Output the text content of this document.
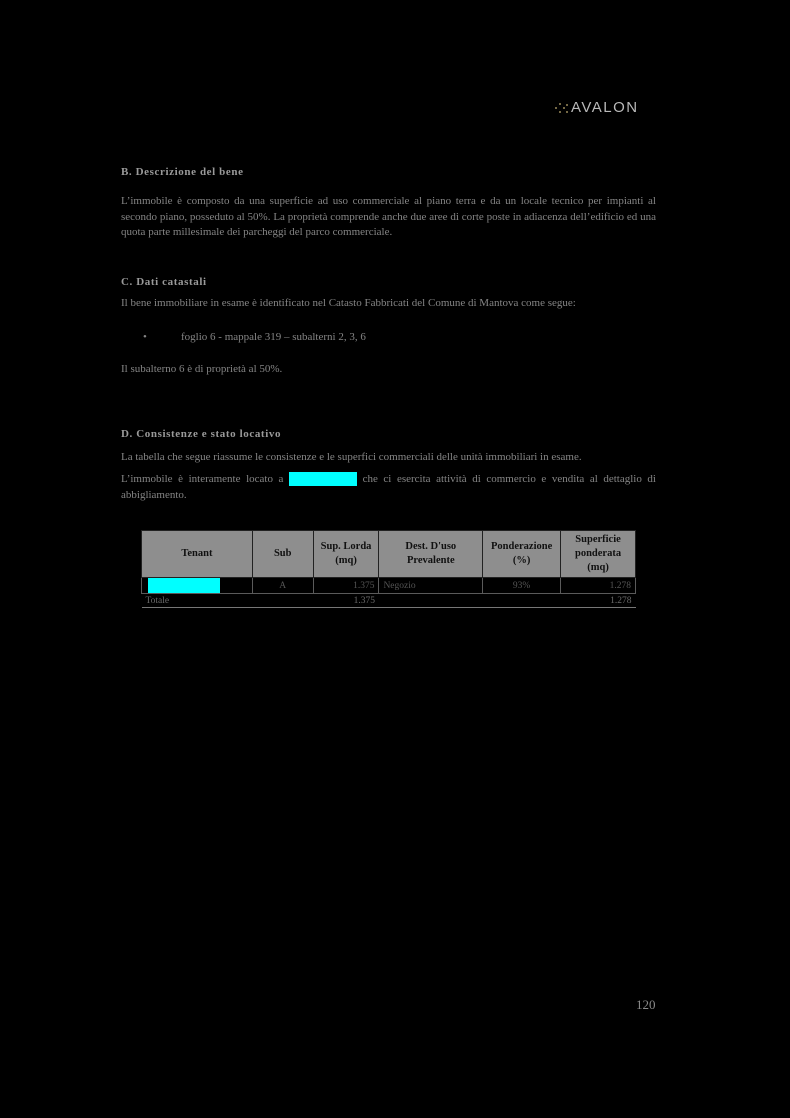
AVALON
B. Descrizione del bene

L’immobile è composto da una superficie ad uso commerciale al piano terra e da un locale tecnico per impianti al secondo piano, posseduto al 50%. La proprietà comprende anche due aree di corte poste in adiacenza dell’edificio ed una quota parte millesimale dei parcheggi del parco commerciale.

C. Dati catastali

Il bene immobiliare in esame è identificato nel Catasto Fabbricati del Comune di Mantova come segue:

•	foglio 6 - mappale 319 – subalterni 2, 3, 6

Il subalterno 6 è di proprietà al 50%.

D. Consistenze e stato locativo

La tabella che segue riassume le consistenze e le superfici commerciali delle unità immobiliari in esame.

L’immobile è interamente locato a	che ci esercita attività di commercio e vendita al dettaglio di abbigliamento.

Tenant	Sub	Sup. Lorda (mq)	Dest. D'uso Prevalente	Ponderazione (%)	Superficie ponderata (mq)

	A	1.375	Negozio	93%	1.278
Totale		1.375			1.278
120
